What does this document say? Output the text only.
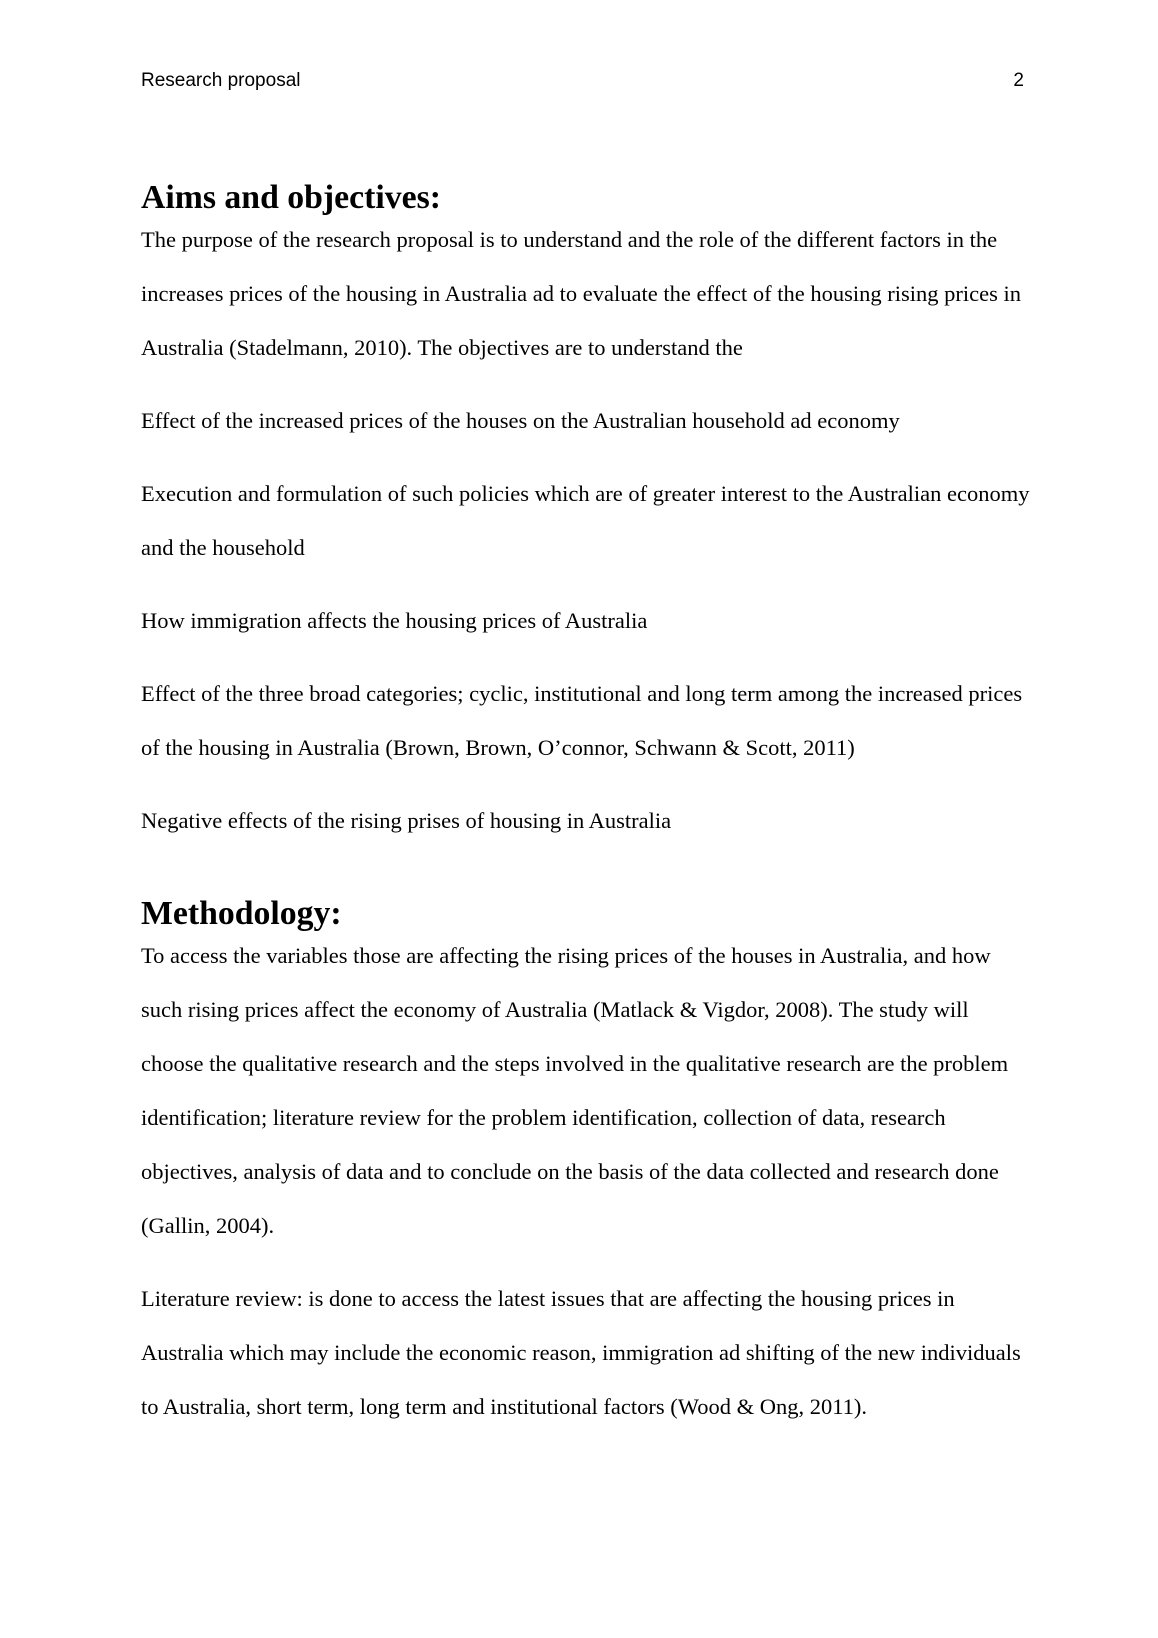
Research proposal	2
Aims and objectives:

The purpose of the research proposal is to understand and the role of the different factors in the increases prices of the housing in Australia ad to evaluate the effect of the housing rising prices in Australia (Stadelmann, 2010). The objectives are to understand the

Effect of the increased prices of the houses on the Australian household ad economy

Execution and formulation of such policies which are of greater interest to the Australian economy and the household

How immigration affects the housing prices of Australia

Effect of the three broad categories; cyclic, institutional and long term among the increased prices of the housing in Australia (Brown, Brown, O’connor, Schwann & Scott, 2011)

Negative effects of the rising prises of housing in Australia

Methodology:

To access the variables those are affecting the rising prices of the houses in Australia, and how such rising prices affect the economy of Australia (Matlack & Vigdor, 2008). The study will choose the qualitative research and the steps involved in the qualitative research are the problem identification; literature review for the problem identification, collection of data, research objectives, analysis of data and to conclude on the basis of the data collected and research done (Gallin, 2004).

Literature review: is done to access the latest issues that are affecting the housing prices in Australia which may include the economic reason, immigration ad shifting of the new individuals to Australia, short term, long term and institutional factors (Wood & Ong, 2011).
